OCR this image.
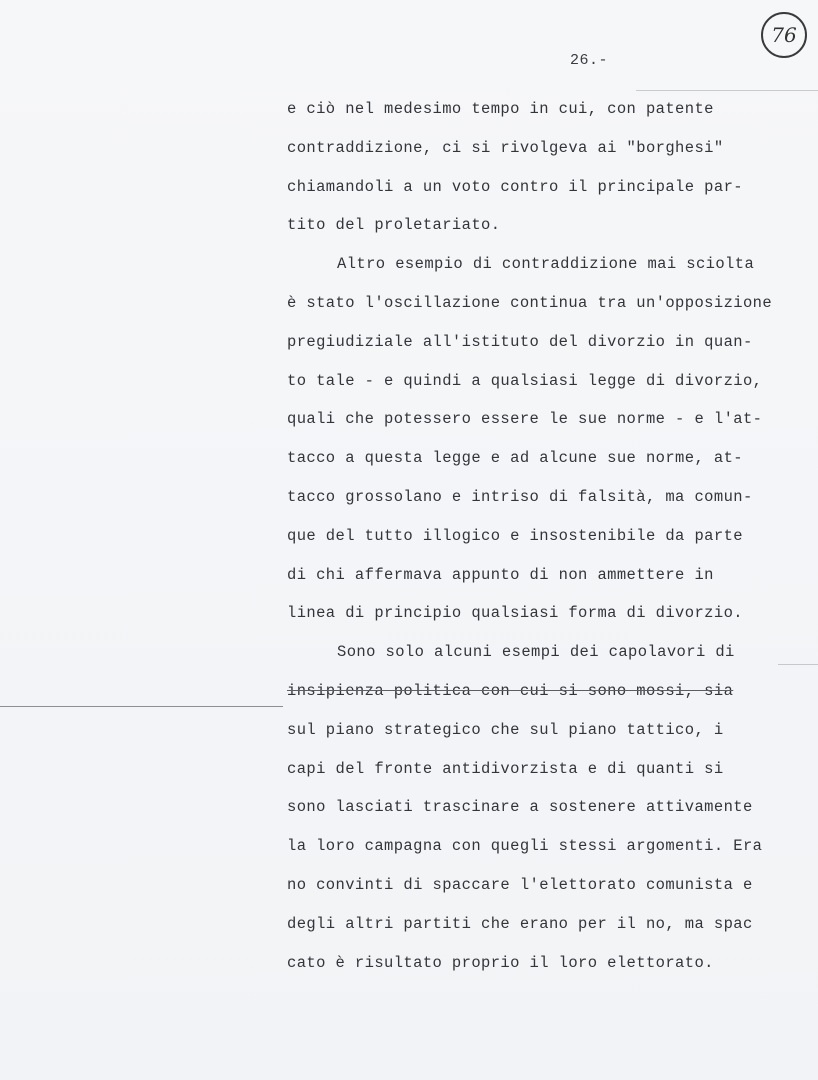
76
26.-
e ciò nel medesimo tempo in cui, con patente
contraddizione, ci si rivolgeva ai "borghesi"
chiamandoli a un voto contro il principale par-
tito del proletariato.
Altro esempio di contraddizione mai sciolta
è stato l'oscillazione continua tra un'opposizione
pregiudiziale all'istituto del divorzio in quan-
to tale - e quindi a qualsiasi legge di divorzio,
quali che potessero essere le sue norme - e l'at-
tacco a questa legge e ad alcune sue norme, at-
tacco grossolano e intriso di falsità, ma comun-
que del tutto illogico e insostenibile da parte
di chi affermava appunto di non ammettere in
linea di principio qualsiasi forma di divorzio.
Sono solo alcuni esempi dei capolavori di
insipienza politica con cui si sono mossi, sia
sul piano strategico che sul piano tattico, i
capi del fronte antidivorzista e di quanti si
sono lasciati trascinare a sostenere attivamente
la loro campagna con quegli stessi argomenti. Era
no convinti di spaccare l'elettorato comunista e
degli altri partiti che erano per il no, ma spac
cato è risultato proprio il loro elettorato.
